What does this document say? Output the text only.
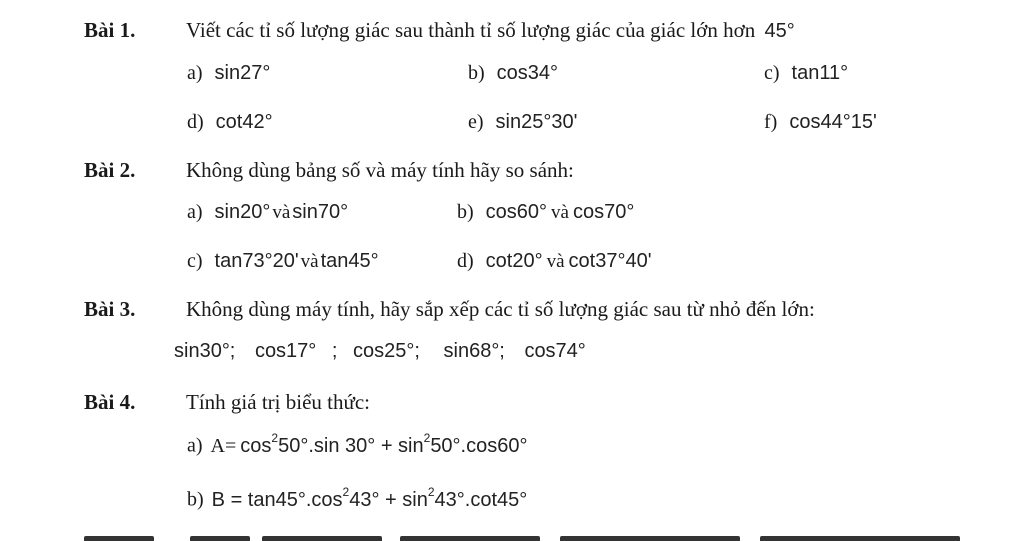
Bài 1. Viết các tỉ số lượng giác sau thành tỉ số lượng giác của giác lớn hơn 45°
a) sin27°	b) cos34°	c) tan11°
d) cot42°	e) sin25°30'	f) cos44°15'
Bài 2. Không dùng bảng số và máy tính hãy so sánh:
a) sin20° và sin70°	b) cos60° và cos70°
c) tan73°20' và tan45°	d) cot20° và cot37°40'
Bài 3. Không dùng máy tính, hãy sắp xếp các tỉ số lượng giác sau từ nhỏ đến lớn:
sin30°; cos17° ; cos25°; sin68°; cos74°
Bài 4. Tính giá trị biểu thức:
a) $A= \cos^250^\circ.\sin$ $30^\circ + \sin^250^\circ.\cos 60^\circ$
b) $B = \tan 45^\circ.\cos^243^\circ + \sin^243^\circ.\cot 45^\circ$
